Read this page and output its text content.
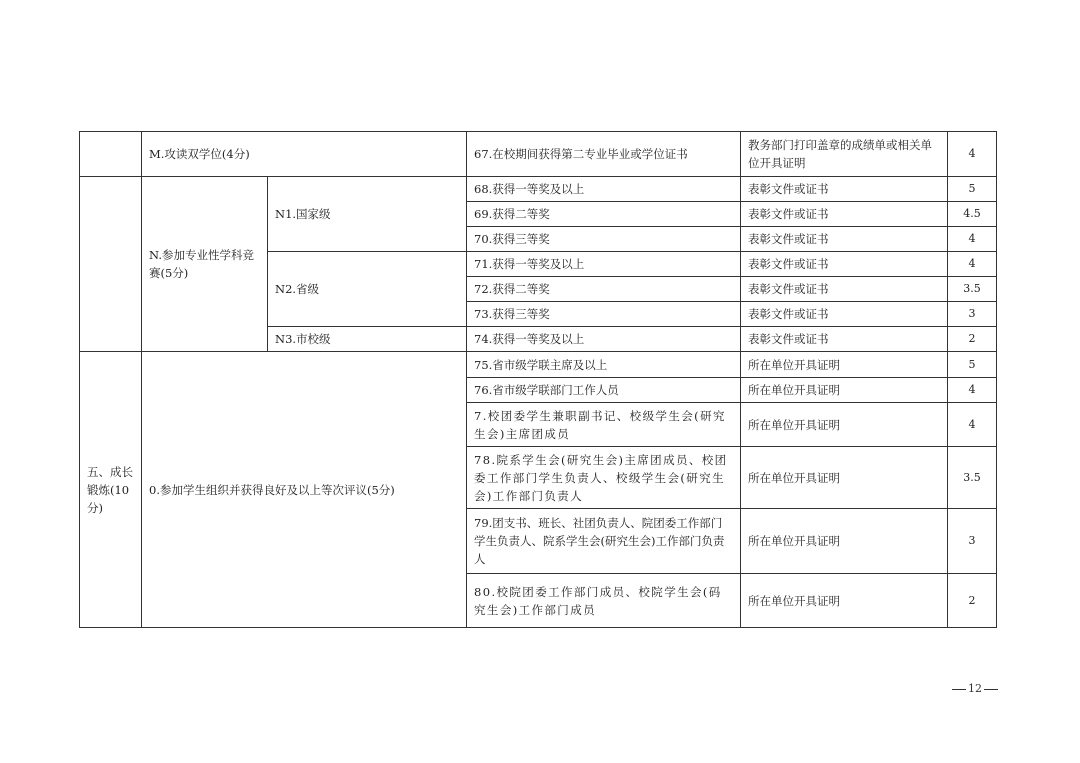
	M.攻读双学位(4分)		67.在校期间获得第二专业毕业或学位证书	教务部门打印盖章的成绩单或相关单位开具证明	4
	N.参加专业性学科竞赛(5分)	N1.国家级	68.获得一等奖及以上	表彰文件或证书	5
			69.获得二等奖	表彰文件或证书	4.5
			70.获得三等奖	表彰文件或证书	4
		N2.省级	71.获得一等奖及以上	表彰文件或证书	4
			72.获得二等奖	表彰文件或证书	3.5
			73.获得三等奖	表彰文件或证书	3
		N3.市校级	74.获得一等奖及以上	表彰文件或证书	2
五、成长锻炼(10分)	0.参加学生组织并获得良好及以上等次评议(5分)		75.省市级学联主席及以上	所在单位开具证明	5
			76.省市级学联部门工作人员	所在单位开具证明	4
			7.校团委学生兼职副书记、校级学生会(研究生会)主席团成员	所在单位开具证明	4
			78.院系学生会(研究生会)主席团成员、校团委工作部门学生负责人、校级学生会(研究生会)工作部门负责人	所在单位开具证明	3.5
			79.团支书、班长、社团负责人、院团委工作部门学生负责人、院系学生会(研究生会)工作部门负责人	所在单位开具证明	3
			80.校院团委工作部门成员、校院学生会(码究生会)工作部门成员	所在单位开具证明	2
12
